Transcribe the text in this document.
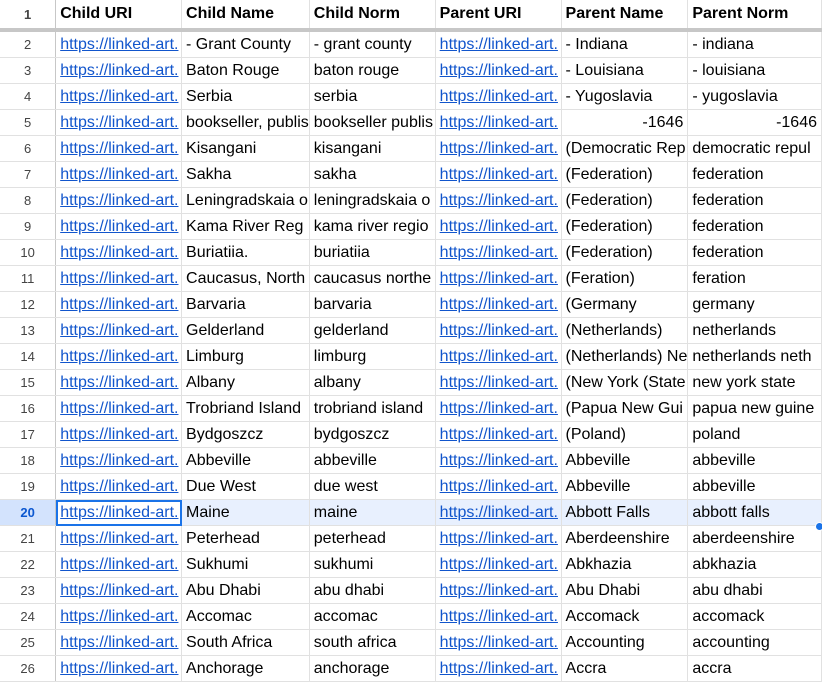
1	Child URI	Child Name	Child Norm	Parent URI	Parent Name	Parent Norm
2	https://linked-art.	- Grant County	- grant county	https://linked-art.	- Indiana	- indiana
3	https://linked-art.	Baton Rouge	baton rouge	https://linked-art.	- Louisiana	- louisiana
4	https://linked-art.	Serbia	serbia	https://linked-art.	- Yugoslavia	- yugoslavia
5	https://linked-art.	bookseller, publis	bookseller publis	https://linked-art.	-1646	-1646
6	https://linked-art.	Kisangani	kisangani	https://linked-art.	(Democratic Rep	democratic repul
7	https://linked-art.	Sakha	sakha	https://linked-art.	(Federation)	federation
8	https://linked-art.	Leningradskaia o	leningradskaia o	https://linked-art.	(Federation)	federation
9	https://linked-art.	Kama River Reg	kama river regio	https://linked-art.	(Federation)	federation
10	https://linked-art.	Buriatiia.	buriatiia	https://linked-art.	(Federation)	federation
11	https://linked-art.	Caucasus, North	caucasus northe	https://linked-art.	(Feration)	feration
12	https://linked-art.	Barvaria	barvaria	https://linked-art.	(Germany	germany
13	https://linked-art.	Gelderland	gelderland	https://linked-art.	(Netherlands)	netherlands
14	https://linked-art.	Limburg	limburg	https://linked-art.	(Netherlands) Ne	netherlands neth
15	https://linked-art.	Albany	albany	https://linked-art.	(New York (State	new york state
16	https://linked-art.	Trobriand Island	trobriand island	https://linked-art.	(Papua New Gui	papua new guine
17	https://linked-art.	Bydgoszcz	bydgoszcz	https://linked-art.	(Poland)	poland
18	https://linked-art.	Abbeville	abbeville	https://linked-art.	Abbeville	abbeville
19	https://linked-art.	Due West	due west	https://linked-art.	Abbeville	abbeville
20	https://linked-art.	Maine	maine	https://linked-art.	Abbott Falls	abbott falls
21	https://linked-art.	Peterhead	peterhead	https://linked-art.	Aberdeenshire	aberdeenshire
22	https://linked-art.	Sukhumi	sukhumi	https://linked-art.	Abkhazia	abkhazia
23	https://linked-art.	Abu Dhabi	abu dhabi	https://linked-art.	Abu Dhabi	abu dhabi
24	https://linked-art.	Accomac	accomac	https://linked-art.	Accomack	accomack
25	https://linked-art.	South Africa	south africa	https://linked-art.	Accounting	accounting
26	https://linked-art.	Anchorage	anchorage	https://linked-art.	Accra	accra
